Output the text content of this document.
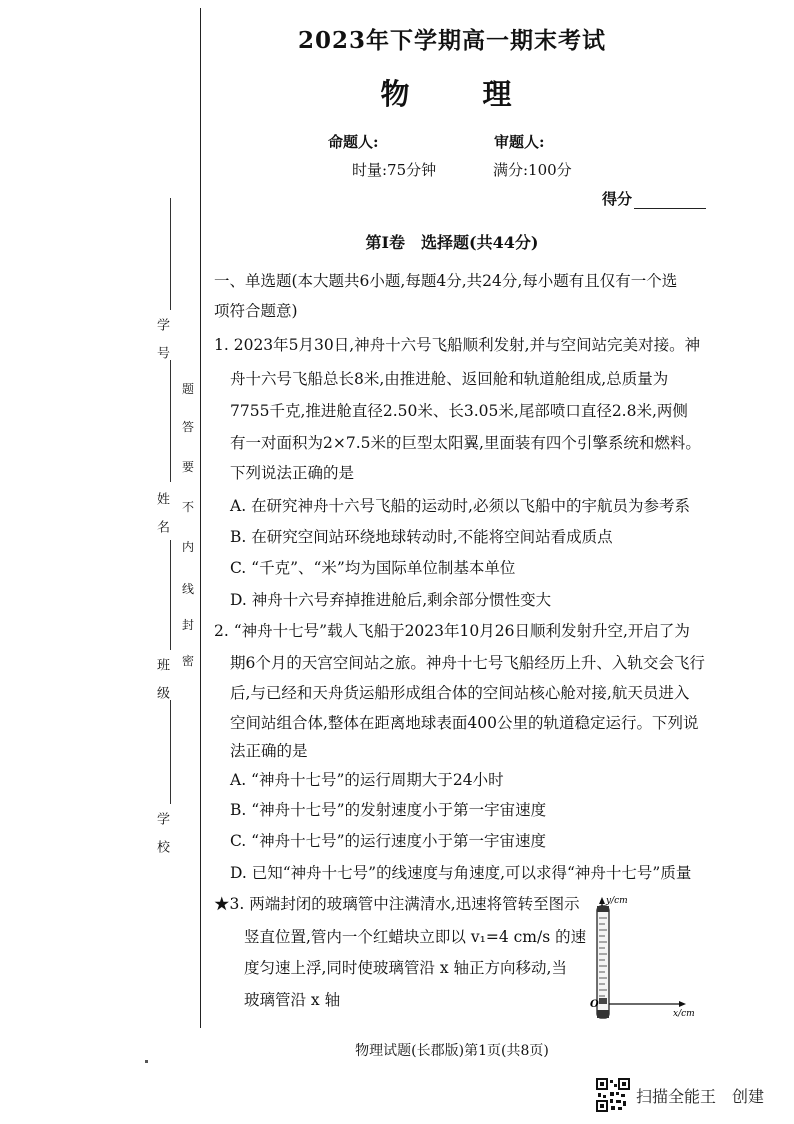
学　号
姓　名
班　级
学　校
密
封
线
内
不
要
答
题
2023年下学期高一期末考试
物　理
命题人:	审题人:
时量:75分钟	满分:100分
得分
第Ⅰ卷　选择题(共44分)
一、单选题(本大题共6小题,每题4分,共24分,每小题有且仅有一个选
项符合题意)
1. 2023年5月30日,神舟十六号飞船顺利发射,并与空间站完美对接。神
舟十六号飞船总长8米,由推进舱、返回舱和轨道舱组成,总质量为
7755千克,推进舱直径2.50米、长3.05米,尾部喷口直径2.8米,两侧
有一对面积为2×7.5米的巨型太阳翼,里面装有四个引擎系统和燃料。
下列说法正确的是
A. 在研究神舟十六号飞船的运动时,必须以飞船中的宇航员为参考系
B. 在研究空间站环绕地球转动时,不能将空间站看成质点
C. “千克”、“米”均为国际单位制基本单位
D. 神舟十六号弃掉推进舱后,剩余部分惯性变大
2. “神舟十七号”载人飞船于2023年10月26日顺利发射升空,开启了为
期6个月的天宫空间站之旅。神舟十七号飞船经历上升、入轨交会飞行
后,与已经和天舟货运船形成组合体的空间站核心舱对接,航天员进入
空间站组合体,整体在距离地球表面400公里的轨道稳定运行。下列说
法正确的是
A. “神舟十七号”的运行周期大于24小时
B. “神舟十七号”的发射速度小于第一宇宙速度
C. “神舟十七号”的运行速度小于第一宇宙速度
D. 已知“神舟十七号”的线速度与角速度,可以求得“神舟十七号”质量
★3. 两端封闭的玻璃管中注满清水,迅速将管转至图示
竖直位置,管内一个红蜡块立即以 v₁=4 cm/s 的速
度匀速上浮,同时使玻璃管沿 x 轴正方向移动,当
玻璃管沿 x 轴
y/cm
x/cm
O
物理试题(长郡版)第1页(共8页)
扫描全能王　创建
